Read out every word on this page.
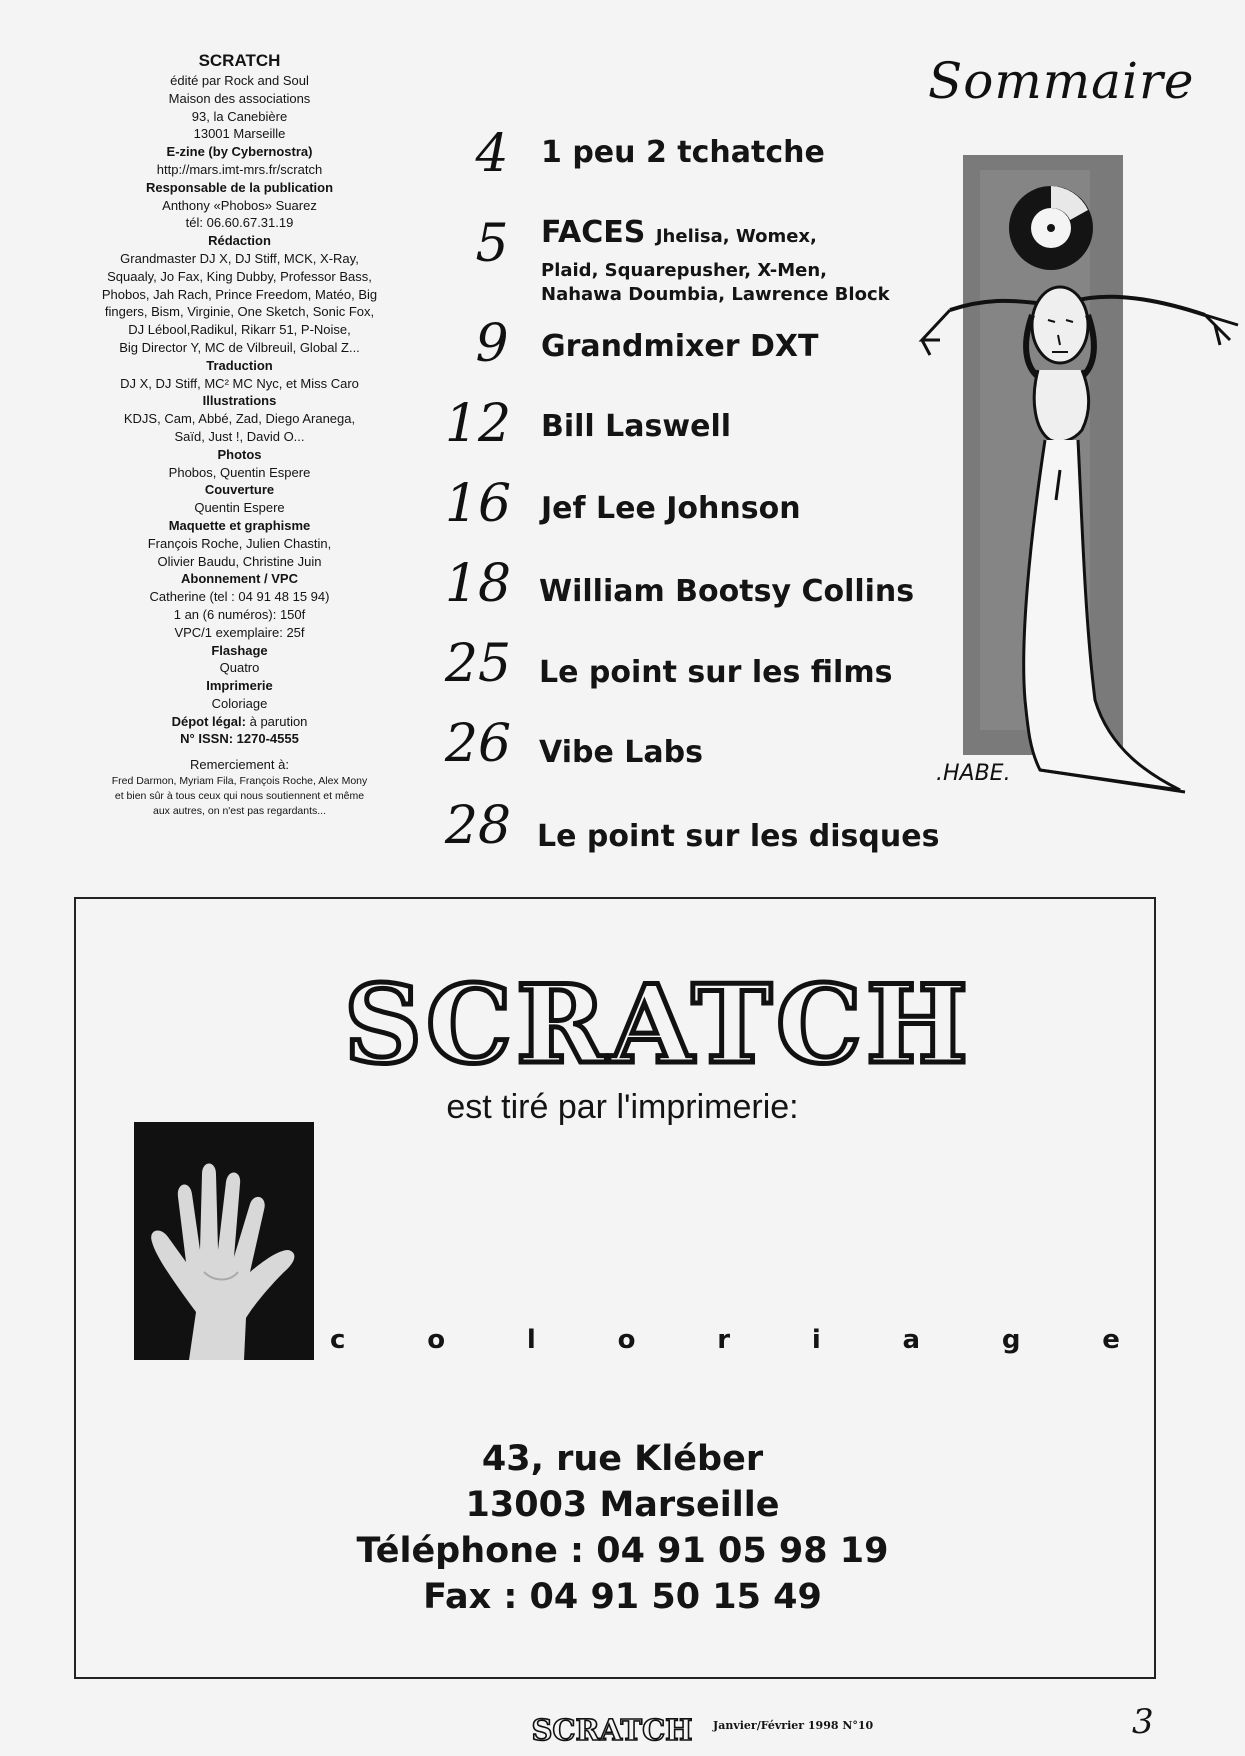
SCRATCH
édité par Rock and Soul
Maison des associations
93, la Canebière
13001 Marseille
E-zine (by Cybernostra)
http://mars.imt-mrs.fr/scratch
Responsable de la publication
Anthony «Phobos» Suarez
tél: 06.60.67.31.19
Rédaction
Grandmaster DJ X, DJ Stiff, MCK, X-Ray,
Squaaly, Jo Fax, King Dubby, Professor Bass,
Phobos, Jah Rach, Prince Freedom, Matéo, Big
fingers, Bism, Virginie, One Sketch, Sonic Fox,
DJ Lébool,Radikul, Rikarr 51, P-Noise,
Big Director Y, MC de Vilbreuil, Global Z...
Traduction
DJ X, DJ Stiff, MC² MC Nyc, et Miss Caro
Illustrations
KDJS, Cam, Abbé, Zad, Diego Aranega,
Saïd, Just !, David O...
Photos
Phobos, Quentin Espere
Couverture
Quentin Espere
Maquette et graphisme
François Roche, Julien Chastin,
Olivier Baudu, Christine Juin
Abonnement / VPC
Catherine (tel : 04 91 48 15 94)
1 an (6 numéros): 150f
VPC/1 exemplaire: 25f
Flashage
Quatro
Imprimerie
Coloriage
Dépot légal: à parution
N° ISSN: 1270-4555
Remerciement à:
Fred Darmon, Myriam Fila, François Roche, Alex Mony
et bien sûr à tous ceux qui nous soutiennent et même
aux autres, on n'est pas regardants...
Sommaire
4	1 peu 2 tchatche
5	FACES Jhelisa, Womex,
Plaid, Squarepusher, X-Men,
Nahawa Doumbia, Lawrence Block
9	Grandmixer DXT
12 Bill Laswell
16 Jef Lee Johnson
18 William Bootsy Collins
25 Le point sur les films
26 Vibe Labs
28 Le point sur les disques
.HABE.
SCRATCH
est tiré par l'imprimerie:
c	o	l	o	r	i	a	g	e
43, rue Kléber
13003 Marseille
Téléphone : 04 91 05 98 19
Fax : 04 91 50 15 49
SCRATCH Janvier/Février 1998 N°10	3
